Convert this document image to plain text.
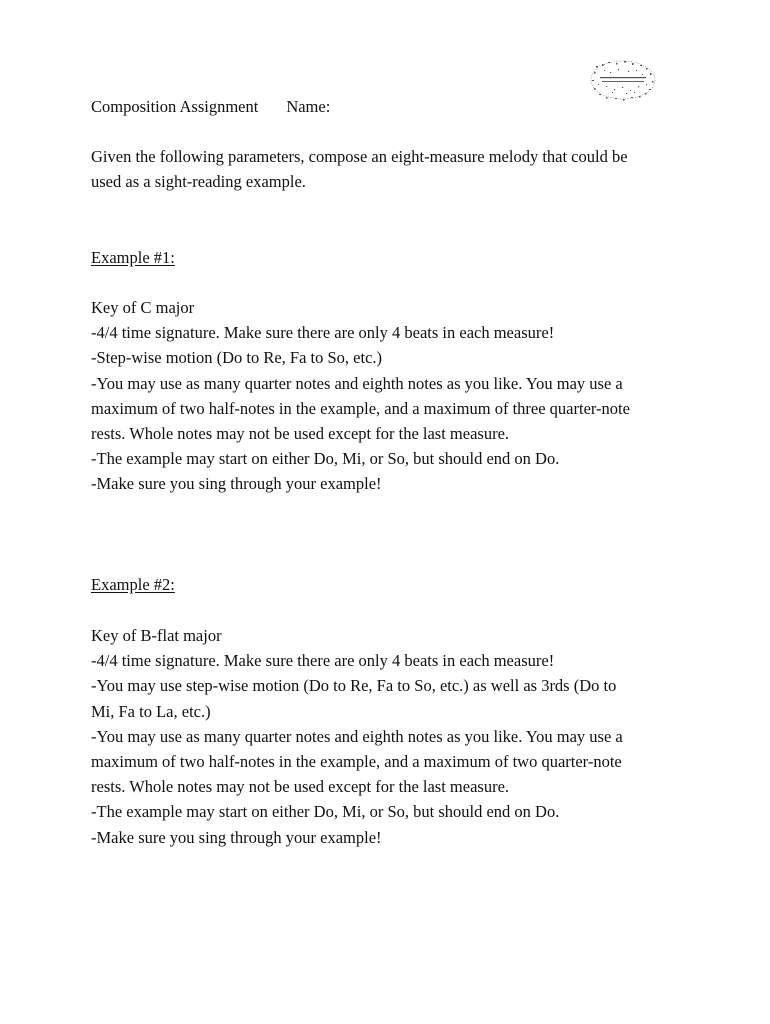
Composition Assignment Name:
Given the following parameters, compose an eight-measure melody that could be
used as a sight-reading example.
Example #1:
Key of C major
-4/4 time signature. Make sure there are only 4 beats in each measure!
-Step-wise motion (Do to Re, Fa to So, etc.)
-You may use as many quarter notes and eighth notes as you like. You may use a
maximum of two half-notes in the example, and a maximum of three quarter-note
rests. Whole notes may not be used except for the last measure.
-The example may start on either Do, Mi, or So, but should end on Do.
-Make sure you sing through your example!
Example #2:
Key of B-flat major
-4/4 time signature. Make sure there are only 4 beats in each measure!
-You may use step-wise motion (Do to Re, Fa to So, etc.) as well as 3rds (Do to
Mi, Fa to La, etc.)
-You may use as many quarter notes and eighth notes as you like. You may use a
maximum of two half-notes in the example, and a maximum of two quarter-note
rests. Whole notes may not be used except for the last measure.
-The example may start on either Do, Mi, or So, but should end on Do.
-Make sure you sing through your example!
